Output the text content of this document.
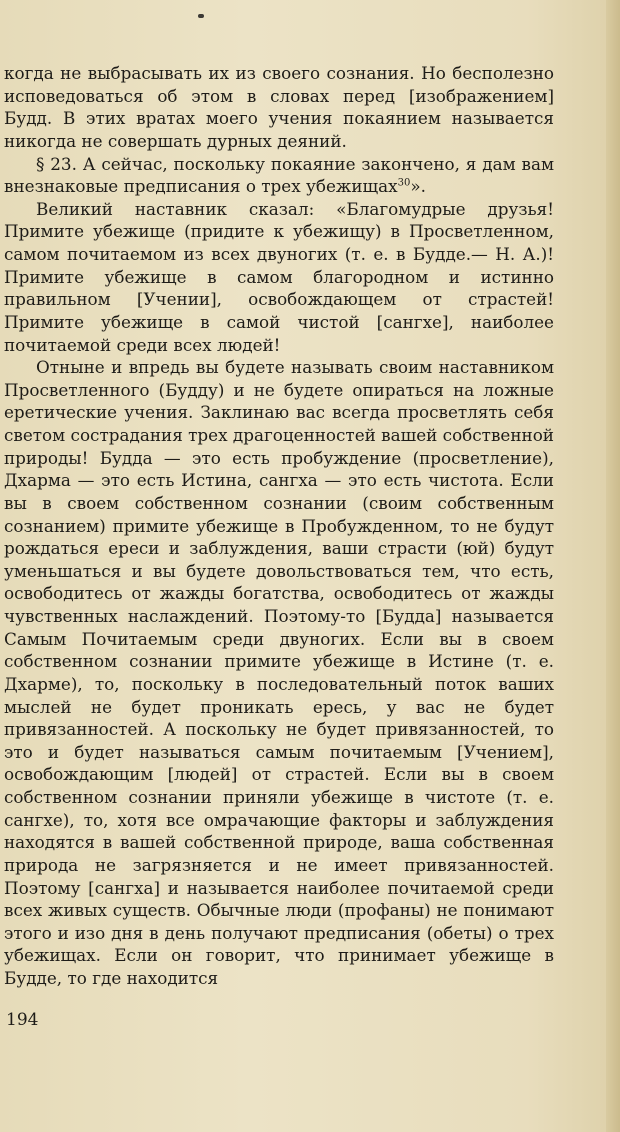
когда не выбрасывать их из своего сознания. Но бесполезно исповедоваться об этом в словах перед [изображением] Будд. В этих вратах моего учения покаянием называется никогда не совершать дурных деяний.

§ 23. А сейчас, поскольку покаяние закончено, я дам вам внезнаковые предписания о трех убежищах$^{30}$».

Великий наставник сказал: «Благомудрые друзья! Примите убежище (придите к убежищу) в Просветленном, самом почитаемом из всех двуногих (т. е. в Будде.— Н. А.)! Примите убежище в самом благородном и истинно правильном [Учении], освобождающем от страстей! Примите убежище в самой чистой [сангхе], наиболее почитаемой среди всех людей!

Отныне и впредь вы будете называть своим наставником Просветленного (Будду) и не будете опираться на ложные еретические учения. Заклинаю вас всегда просветлять себя светом сострадания трех драгоценностей вашей собственной природы! Будда — это есть пробуждение (просветление), Дхарма — это есть Истина, сангха — это есть чистота. Если вы в своем собственном сознании (своим собственным сознанием) примите убежище в Пробужденном, то не будут рождаться ереси и заблуждения, ваши страсти (юй) будут уменьшаться и вы будете довольствоваться тем, что есть, освободитесь от жажды богатства, освободитесь от жажды чувственных наслаждений. Поэтому-то [Будда] называется Самым Почитаемым среди двуногих. Если вы в своем собственном сознании примите убежище в Истине (т. е. Дхарме), то, поскольку в последовательный поток ваших мыслей не будет проникать ересь, у вас не будет привязанностей. А поскольку не будет привязанностей, то это и будет называться самым почитаемым [Учением], освобождающим [людей] от страстей. Если вы в своем собственном сознании приняли убежище в чистоте (т. е. сангхе), то, хотя все омрачающие факторы и заблуждения находятся в вашей собственной природе, ваша собственная природа не загрязняется и не имеет привязанностей. Поэтому [сангха] и называется наиболее почитаемой среди всех живых существ. Обычные люди (профаны) не понимают этого и изо дня в день получают предписания (обеты) о трех убежищах. Если он говорит, что принимает убежище в Будде, то где находится

194
